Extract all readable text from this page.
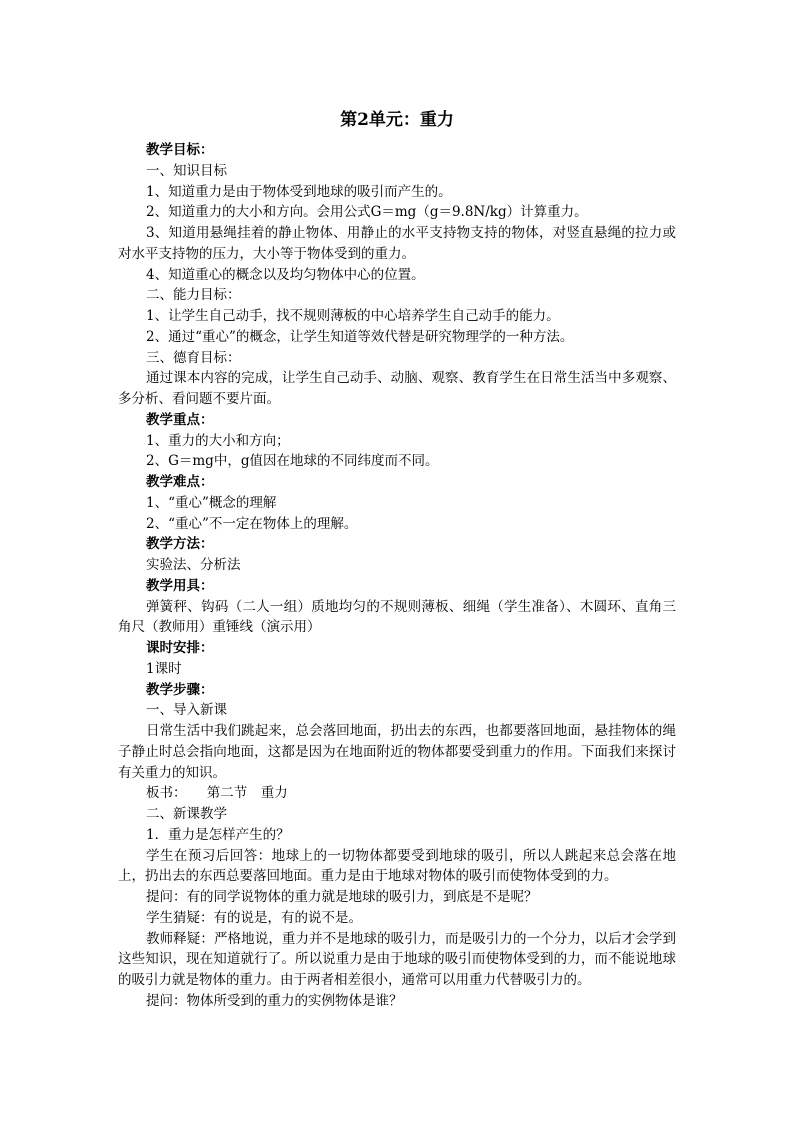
第2单元：重力

教学目标：

一、知识目标

1、知道重力是由于物体受到地球的吸引而产生的。

2、知道重力的大小和方向。会用公式G＝mg（g＝9.8N/kg）计算重力。

3、知道用悬绳挂着的静止物体、用静止的水平支持物支持的物体，对竖直悬绳的拉力或对水平支持物的压力，大小等于物体受到的重力。

4、知道重心的概念以及均匀物体中心的位置。

二、能力目标：

1、让学生自己动手，找不规则薄板的中心培养学生自己动手的能力。

2、通过“重心”的概念，让学生知道等效代替是研究物理学的一种方法。

三、德育目标：

通过课本内容的完成，让学生自己动手、动脑、观察、教育学生在日常生活当中多观察、多分析、看问题不要片面。

教学重点：

1、重力的大小和方向；

2、G＝mg中，g值因在地球的不同纬度而不同。

教学难点：

1、“重心”概念的理解

2、“重心”不一定在物体上的理解。

教学方法：

实验法、分析法

教学用具：

弹簧秤、钩码（二人一组）质地均匀的不规则薄板、细绳（学生准备）、木圆环、直角三角尺（教师用）重锤线（演示用）

课时安排：

1课时

教学步骤：

一、导入新课

日常生活中我们跳起来，总会落回地面，扔出去的东西，也都要落回地面，悬挂物体的绳子静止时总会指向地面，这都是因为在地面附近的物体都要受到重力的作用。下面我们来探讨有关重力的知识。

板书：　　第二节　重力

二、新课教学

1．重力是怎样产生的？

学生在预习后回答：地球上的一切物体都要受到地球的吸引，所以人跳起来总会落在地上，扔出去的东西总要落回地面。重力是由于地球对物体的吸引而使物体受到的力。

提问：有的同学说物体的重力就是地球的吸引力，到底是不是呢？

学生猜疑：有的说是，有的说不是。

教师释疑：严格地说，重力并不是地球的吸引力，而是吸引力的一个分力，以后才会学到这些知识，现在知道就行了。所以说重力是由于地球的吸引而使物体受到的力，而不能说地球的吸引力就是物体的重力。由于两者相差很小，通常可以用重力代替吸引力的。

提问：物体所受到的重力的实例物体是谁？
